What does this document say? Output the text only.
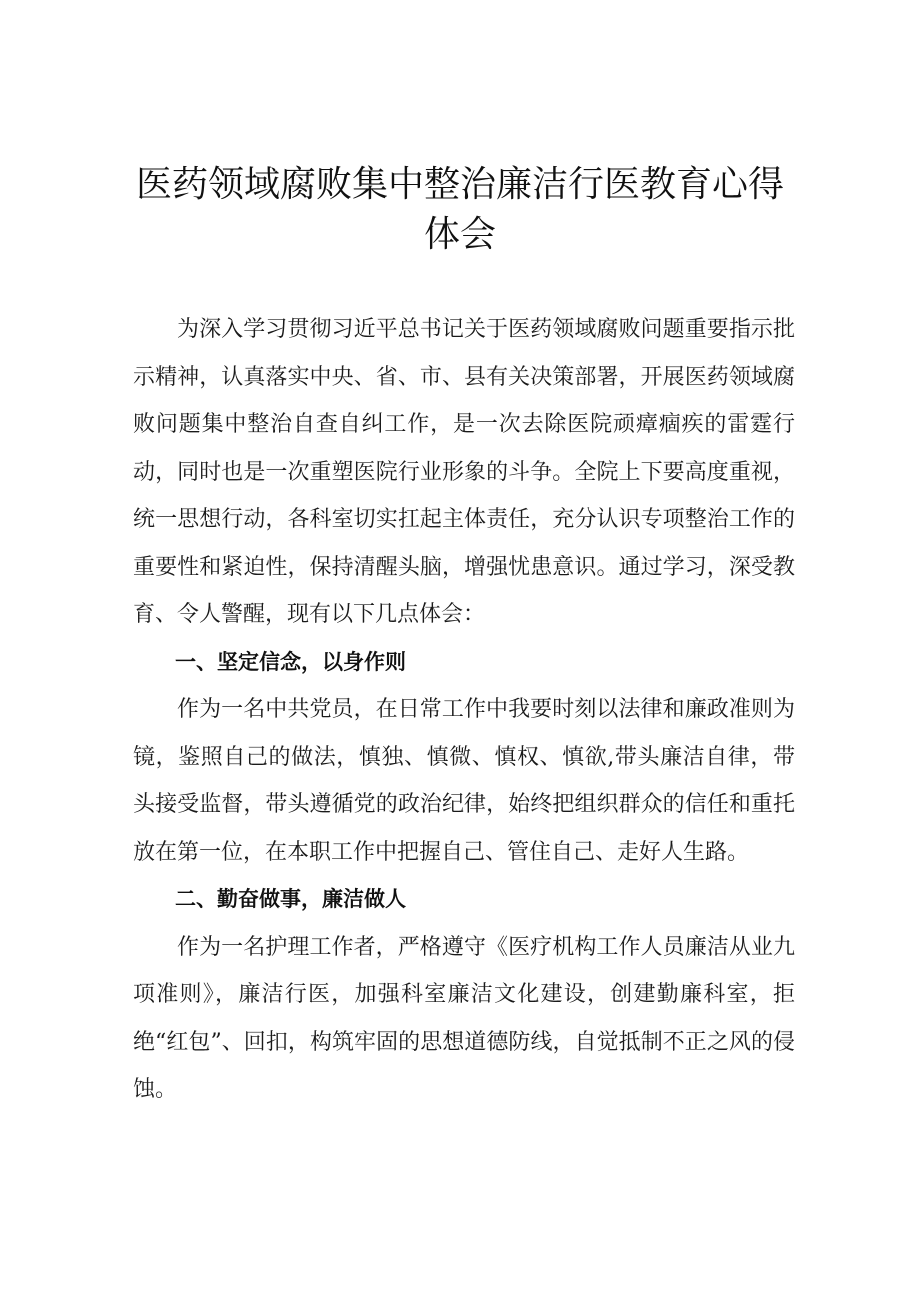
医药领域腐败集中整治廉洁行医教育心得体会

为深入学习贯彻习近平总书记关于医药领域腐败问题重要指示批示精神，认真落实中央、省、市、县有关决策部署，开展医药领域腐败问题集中整治自查自纠工作，是一次去除医院顽瘴痼疾的雷霆行动，同时也是一次重塑医院行业形象的斗争。全院上下要高度重视，统一思想行动，各科室切实扛起主体责任，充分认识专项整治工作的重要性和紧迫性，保持清醒头脑，增强忧患意识。通过学习，深受教育、令人警醒，现有以下几点体会：

一、坚定信念，以身作则

作为一名中共党员，在日常工作中我要时刻以法律和廉政准则为镜，鉴照自己的做法，慎独、慎微、慎权、慎欲,带头廉洁自律，带头接受监督，带头遵循党的政治纪律，始终把组织群众的信任和重托放在第一位，在本职工作中把握自己、管住自己、走好人生路。

二、勤奋做事，廉洁做人

作为一名护理工作者，严格遵守《医疗机构工作人员廉洁从业九项准则》，廉洁行医，加强科室廉洁文化建设，创建勤廉科室，拒绝“红包”、回扣，构筑牢固的思想道德防线，自觉抵制不正之风的侵蚀。
